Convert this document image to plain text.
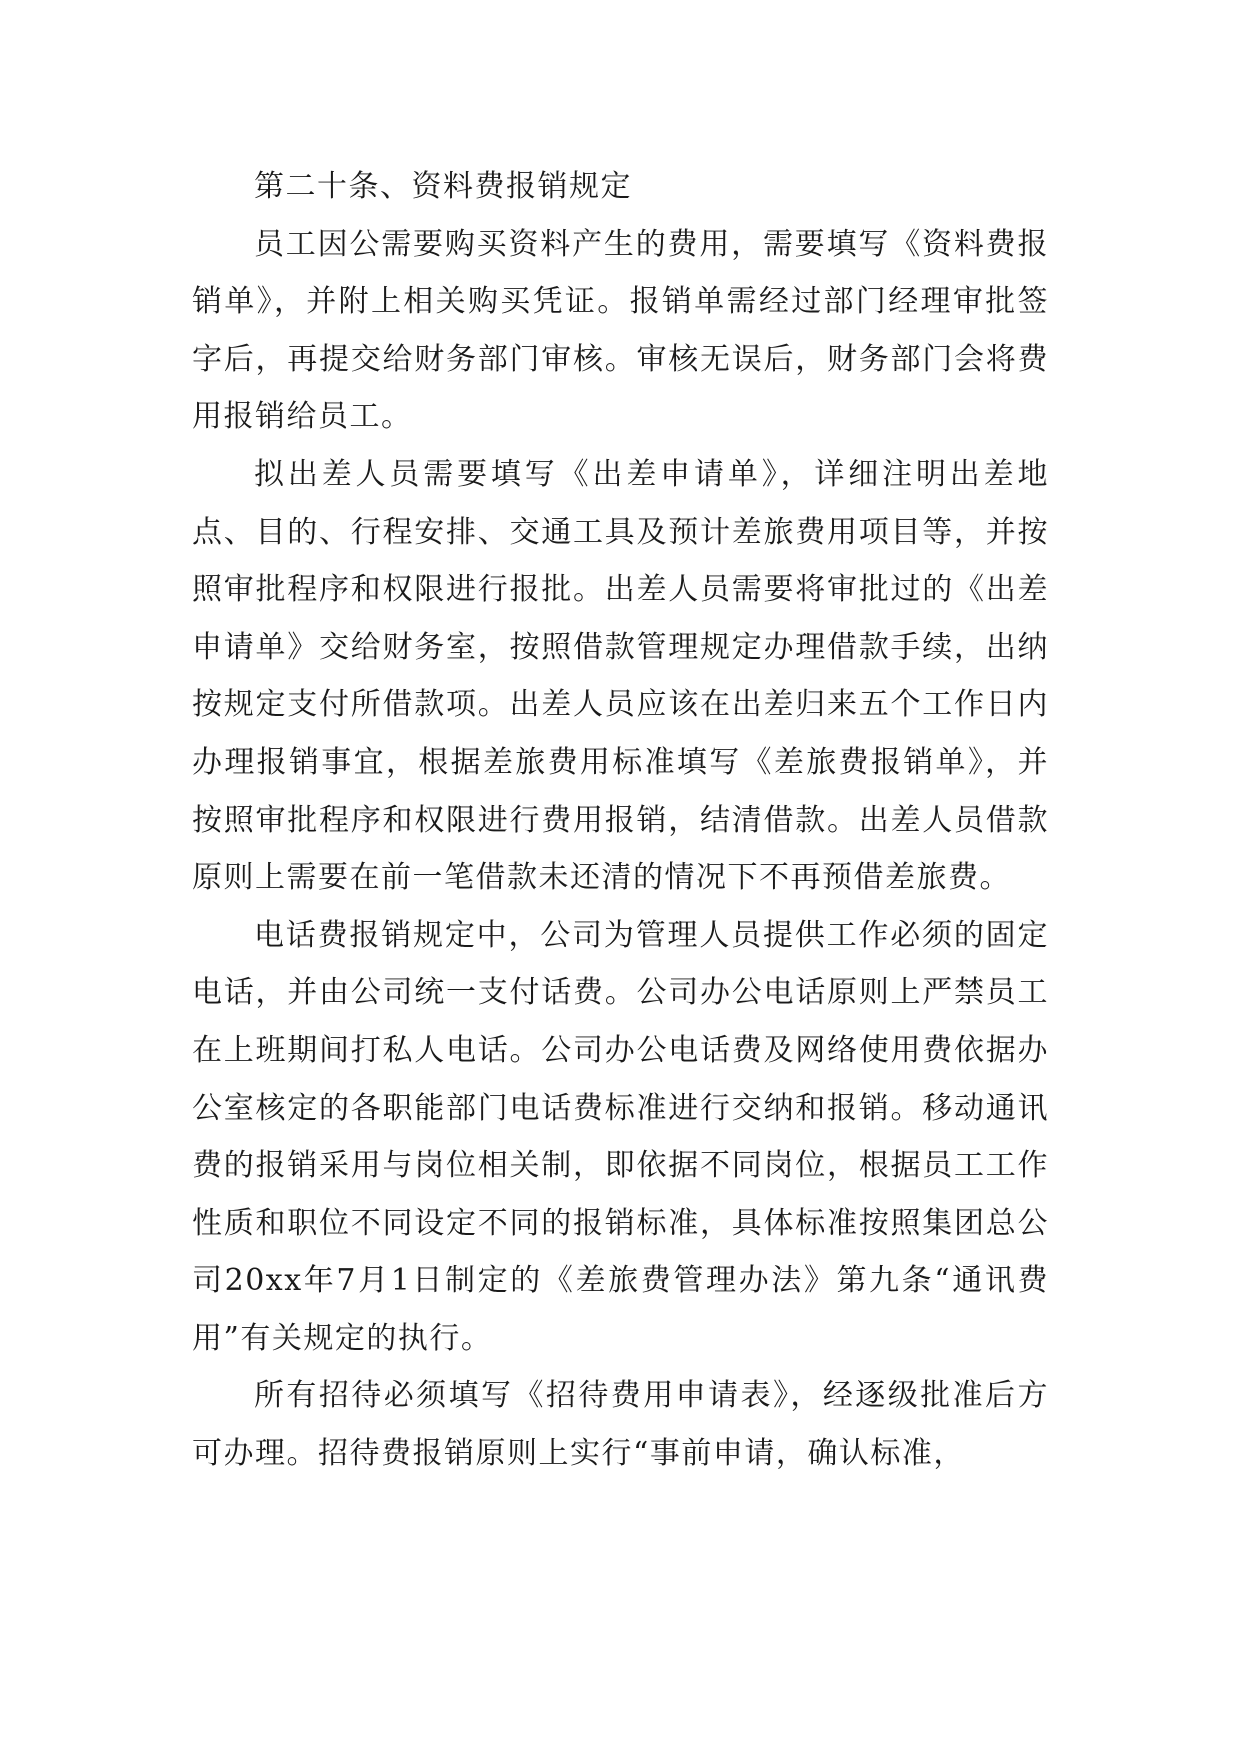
第二十条、资料费报销规定

员工因公需要购买资料产生的费用，需要填写《资料费报销单》，并附上相关购买凭证。报销单需经过部门经理审批签字后，再提交给财务部门审核。审核无误后，财务部门会将费用报销给员工。

拟出差人员需要填写《出差申请单》，详细注明出差地点、目的、行程安排、交通工具及预计差旅费用项目等，并按照审批程序和权限进行报批。出差人员需要将审批过的《出差申请单》交给财务室，按照借款管理规定办理借款手续，出纳按规定支付所借款项。出差人员应该在出差归来五个工作日内办理报销事宜，根据差旅费用标准填写《差旅费报销单》，并按照审批程序和权限进行费用报销，结清借款。出差人员借款原则上需要在前一笔借款未还清的情况下不再预借差旅费。

电话费报销规定中，公司为管理人员提供工作必须的固定电话，并由公司统一支付话费。公司办公电话原则上严禁员工在上班期间打私人电话。公司办公电话费及网络使用费依据办公室核定的各职能部门电话费标准进行交纳和报销。移动通讯费的报销采用与岗位相关制，即依据不同岗位，根据员工工作性质和职位不同设定不同的报销标准，具体标准按照集团总公司20xx年7月1日制定的《差旅费管理办法》第九条“通讯费用”有关规定的执行。

所有招待必须填写《招待费用申请表》，经逐级批准后方可办理。招待费报销原则上实行“事前申请，确认标准，
